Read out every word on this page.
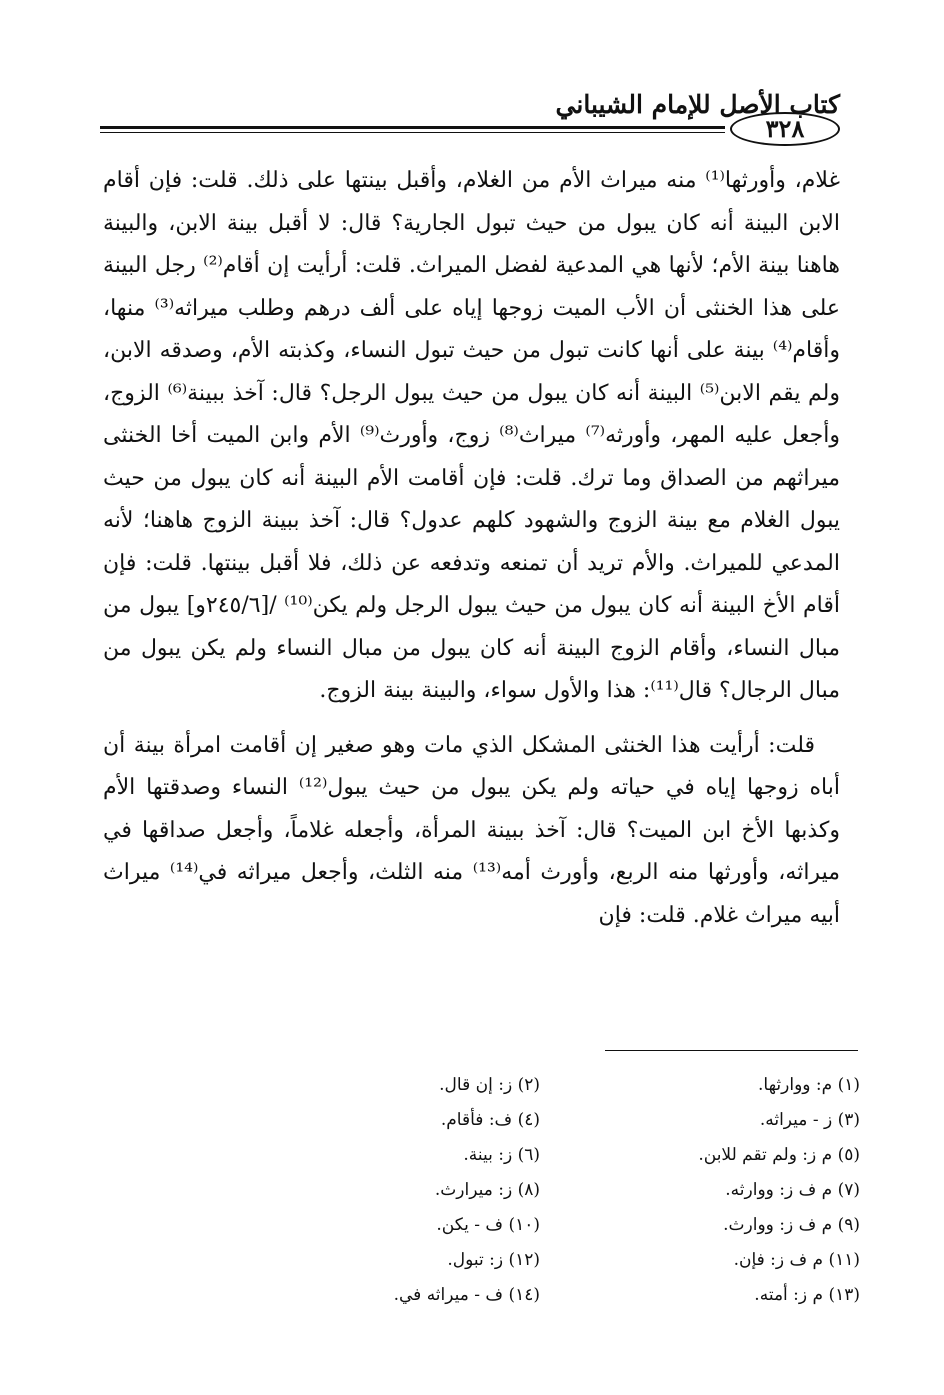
كتاب الأصل للإمام الشيباني
٣٢٨

غلام، وأورثها⁽¹⁾ منه ميراث الأم من الغلام، وأقبل بينتها على ذلك. قلت: فإن أقام الابن البينة أنه كان يبول من حيث تبول الجارية؟ قال: لا أقبل بينة الابن، والبينة هاهنا بينة الأم؛ لأنها هي المدعية لفضل الميراث. قلت: أرأيت إن أقام⁽²⁾ رجل البينة على هذا الخنثى أن الأب الميت زوجها إياه على ألف درهم وطلب ميراثه⁽³⁾ منها، وأقام⁽⁴⁾ بينة على أنها كانت تبول من حيث تبول النساء، وكذبته الأم، وصدقه الابن، ولم يقم الابن⁽⁵⁾ البينة أنه كان يبول من حيث يبول الرجل؟ قال: آخذ ببينة⁽⁶⁾ الزوج، وأجعل عليه المهر، وأورثه⁽⁷⁾ ميراث⁽⁸⁾ زوج، وأورث⁽⁹⁾ الأم وابن الميت أخا الخنثى ميراثهم من الصداق وما ترك. قلت: فإن أقامت الأم البينة أنه كان يبول من حيث يبول الغلام مع بينة الزوج والشهود كلهم عدول؟ قال: آخذ ببينة الزوج هاهنا؛ لأنه المدعي للميراث. والأم تريد أن تمنعه وتدفعه عن ذلك، فلا أقبل بينتها. قلت: فإن أقام الأخ البينة أنه كان يبول من حيث يبول الرجل ولم يكن⁽¹⁰⁾ /[٢٤٥/٦و] يبول من مبال النساء، وأقام الزوج البينة أنه كان يبول من مبال النساء ولم يكن يبول من مبال الرجال؟ قال⁽¹¹⁾: هذا والأول سواء، والبينة بينة الزوج.

قلت: أرأيت هذا الخنثى المشكل الذي مات وهو صغير إن أقامت امرأة بينة أن أباه زوجها إياه في حياته ولم يكن يبول من حيث يبول⁽¹²⁾ النساء وصدقتها الأم وكذبها الأخ ابن الميت؟ قال: آخذ ببينة المرأة، وأجعله غلاماً، وأجعل صداقها في ميراثه، وأورثها منه الربع، وأورث أمه⁽¹³⁾ منه الثلث، وأجعل ميراثه في⁽¹⁴⁾ ميراث أبيه ميراث غلام. قلت: فإن

(١) م: ووارثها.
(٣) ز - ميراثه.
(٥) م ز: ولم تقم للابن.
(٧) م ف ز: ووارثه.
(٩) م ف ز: ووارث.
(١١) م ف ز: فإن.
(١٣) م ز: أمته.
(٢) ز: إن قال.
(٤) ف: فأقام.
(٦) ز: بينة.
(٨) ز: ميرارث.
(١٠) ف - يكن.
(١٢) ز: تبول.
(١٤) ف - ميراثه في.
